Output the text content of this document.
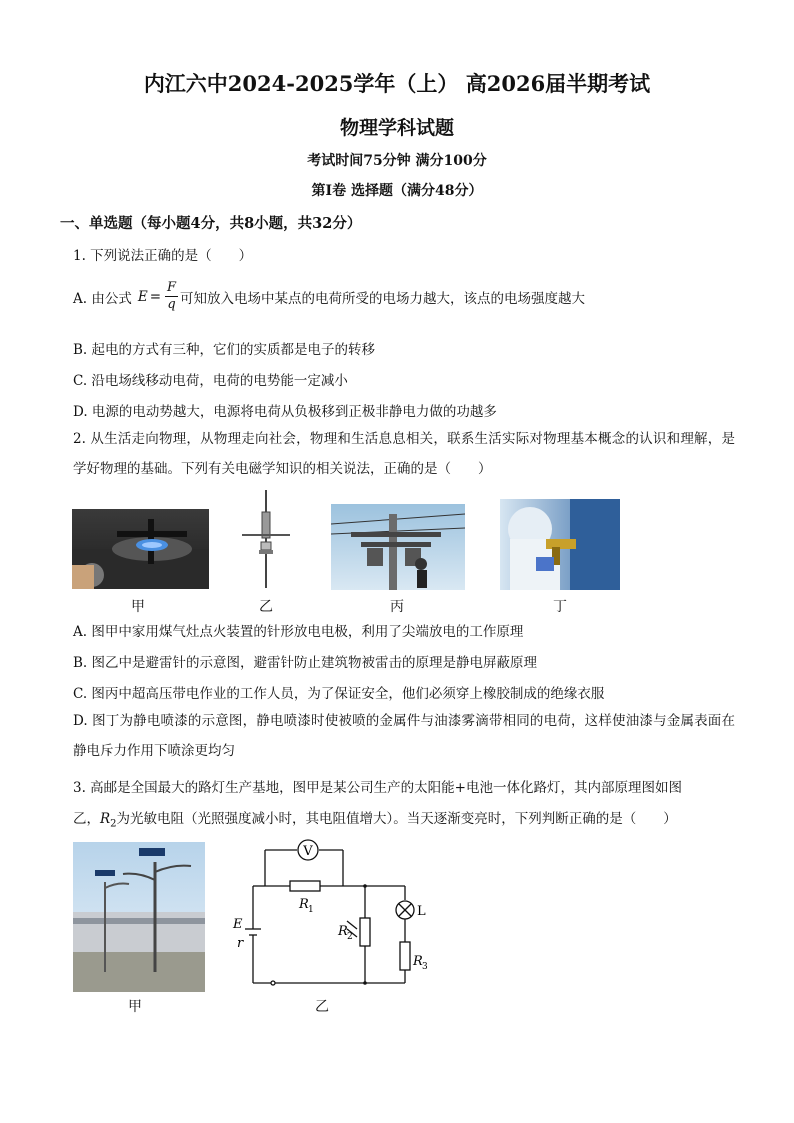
内江六中2024-2025学年（上） 高2026届半期考试
物理学科试题
考试时间75分钟 满分100分
第I卷 选择题（满分48分）
一、单选题（每小题4分，共8小题，共32分）
1. 下列说法正确的是（　　）
A. 由公式 $E = \frac{F}{q}$ 可知放入电场中某点的电荷所受的电场力越大，该点的电场强度越大
B. 起电的方式有三种，它们的实质都是电子的转移
C. 沿电场线移动电荷，电荷的电势能一定减小
D. 电源的电动势越大，电源将电荷从负极移到正极非静电力做的功越多
2. 从生活走向物理，从物理走向社会，物理和生活息息相关，联系生活实际对物理基本概念的认识和理解，是学好物理的基础。下列有关电磁学知识的相关说法，正确的是（　　）
甲	乙	丙	丁
A. 图甲中家用煤气灶点火装置的针形放电电极，利用了尖端放电的工作原理
B. 图乙中是避雷针的示意图，避雷针防止建筑物被雷击的原理是静电屏蔽原理
C. 图丙中超高压带电作业的工作人员，为了保证安全，他们必须穿上橡胶制成的绝缘衣服
D. 图丁为静电喷漆的示意图，静电喷漆时使被喷的金属件与油漆雾滴带相同的电荷，这样使油漆与金属表面在静电斥力作用下喷涂更均匀
3. 高邮是全国最大的路灯生产基地，图甲是某公司生产的太阳能+电池一体化路灯，其内部原理图如图
乙，$R_2$为光敏电阻（光照强度减小时，其电阻值增大）。当天逐渐变亮时，下列判断正确的是（　　）
甲
V
R 1
R 2
R 3
L
E
r
乙
